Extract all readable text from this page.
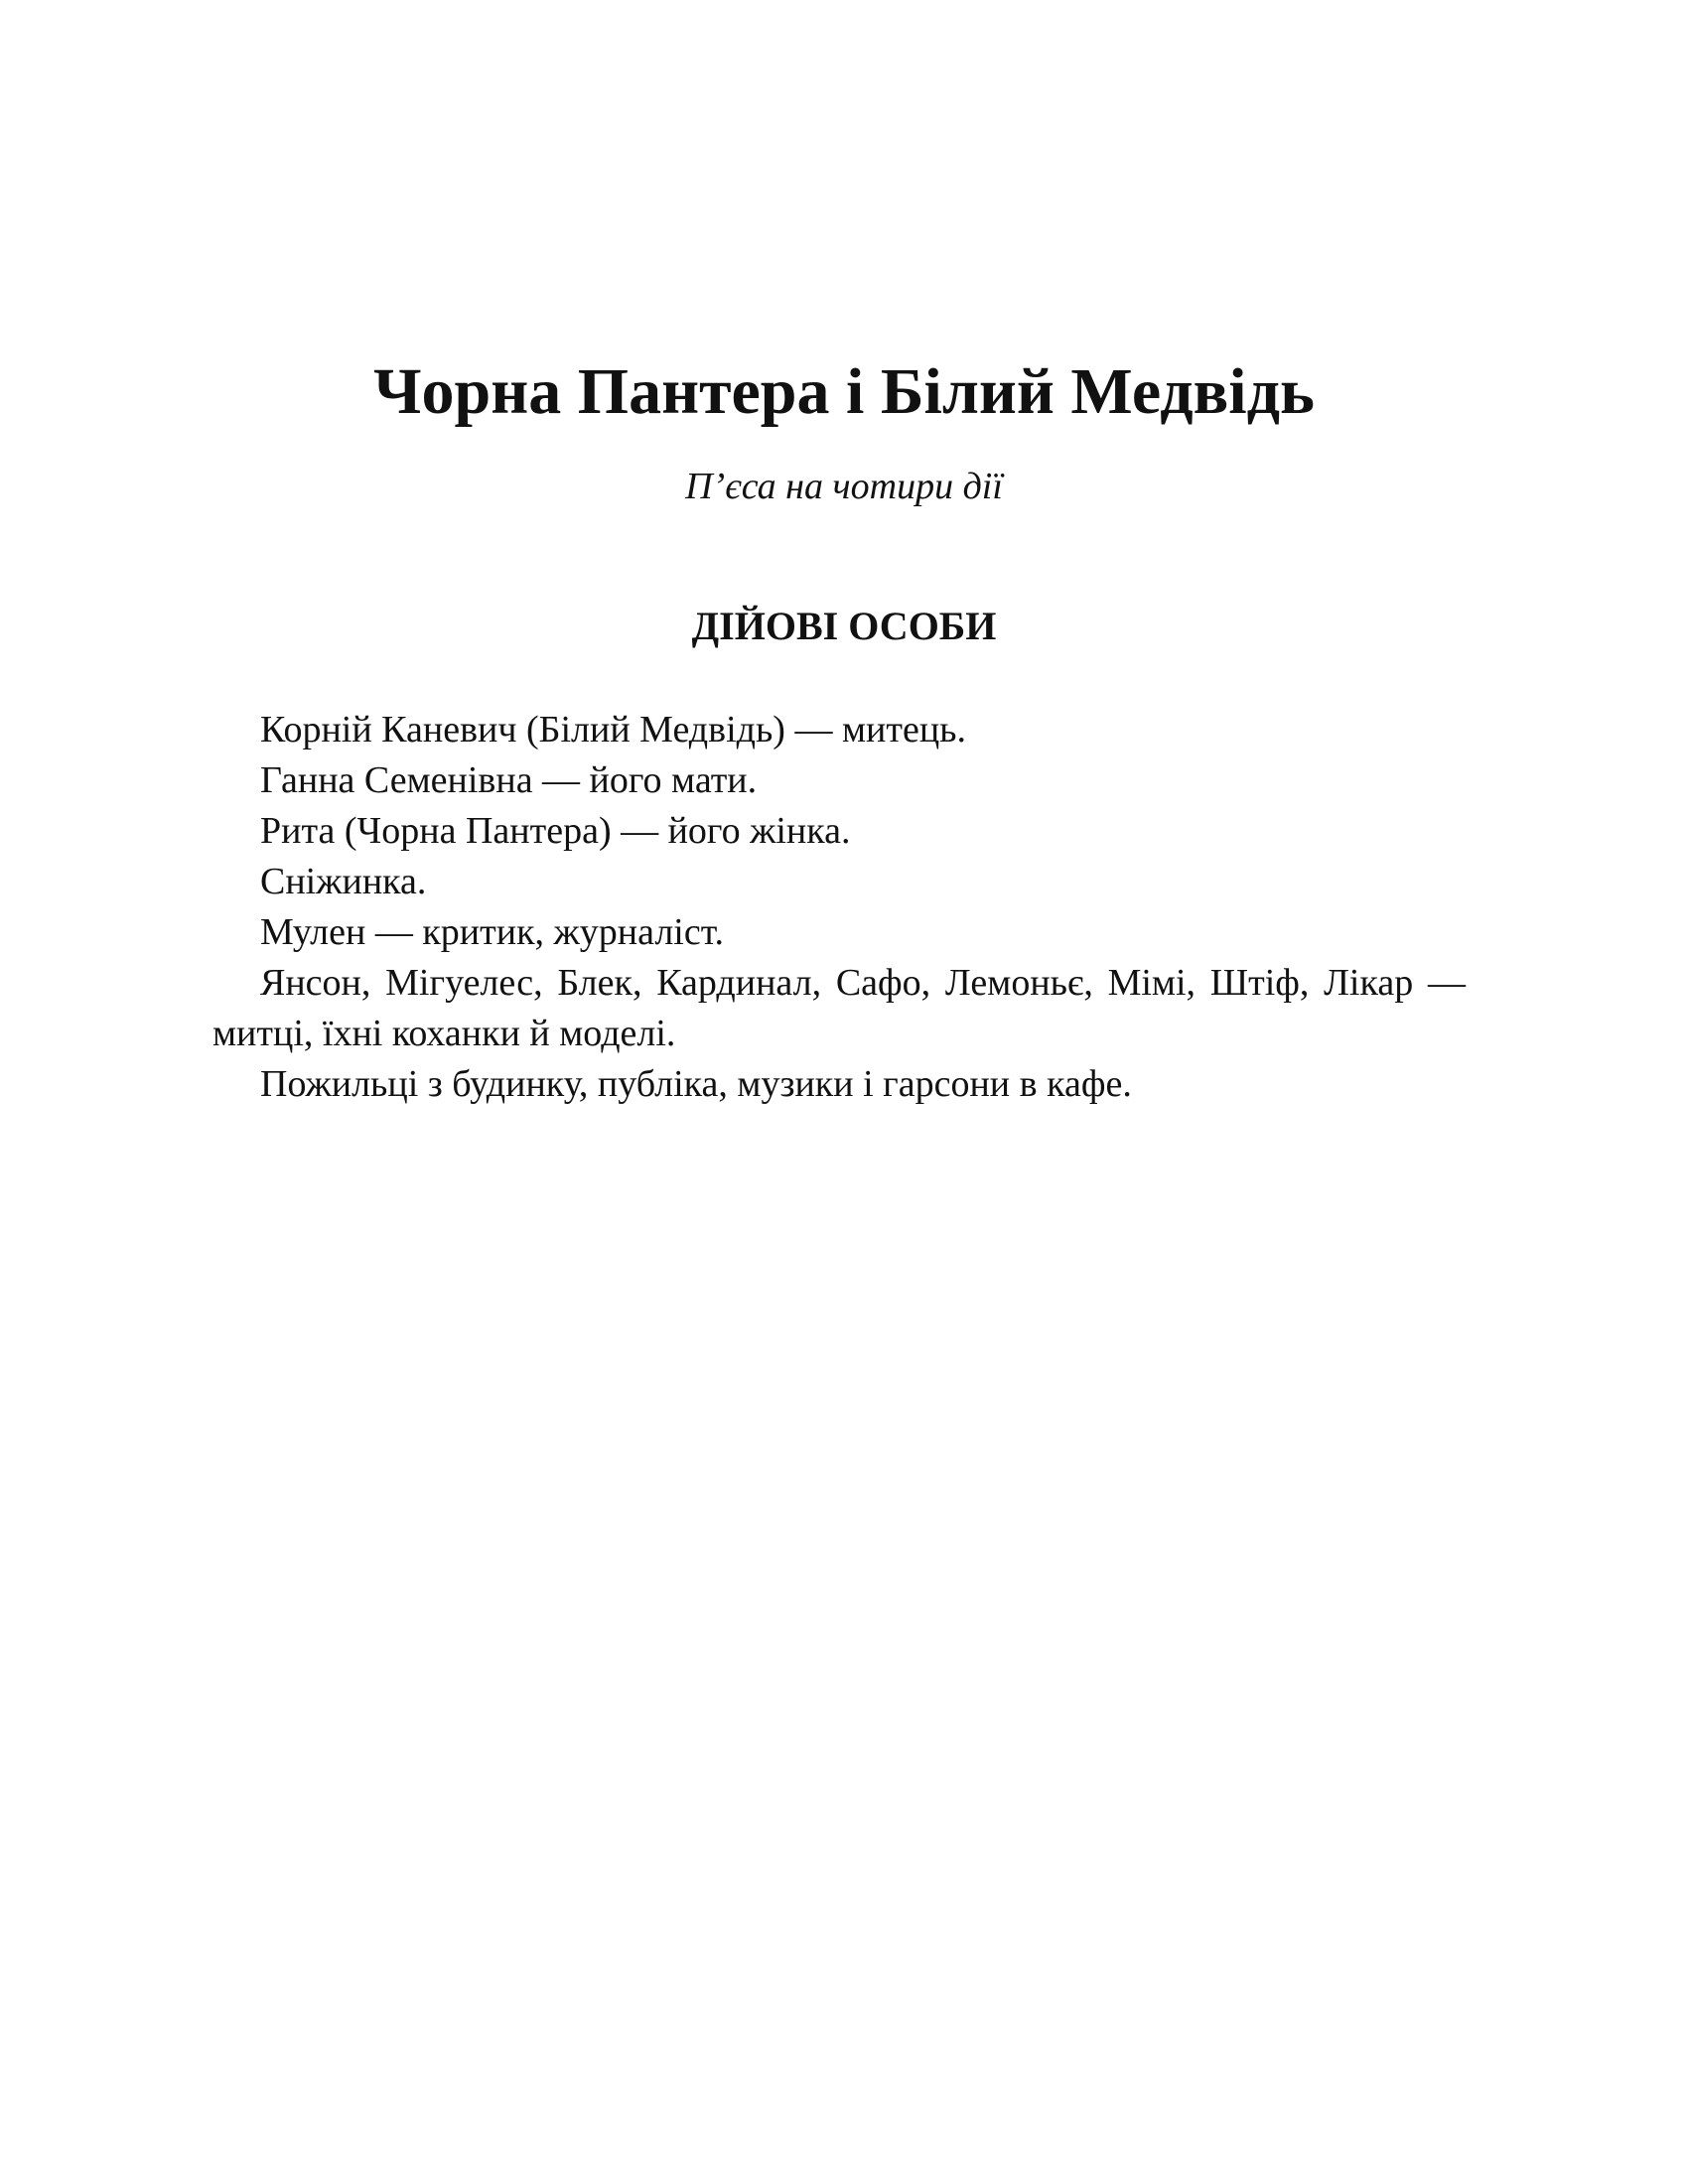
Чорна Пантера і Білий Медвідь

П’єса на чотири дії

ДІЙОВІ ОСОБИ
Корній Каневич (Білий Медвідь) — митець.
Ганна Семенівна — його мати.
Рита (Чорна Пантера) — його жінка.
Сніжинка.
Мулен — критик, журналіст.
Янсон, Мігуелес, Блек, Кардинал, Сафо, Лемоньє, Мімі, Штіф, Лікар — митці, їхні коханки й моделі.
Пожильці з будинку, публіка, музики і гарсони в кафе.
